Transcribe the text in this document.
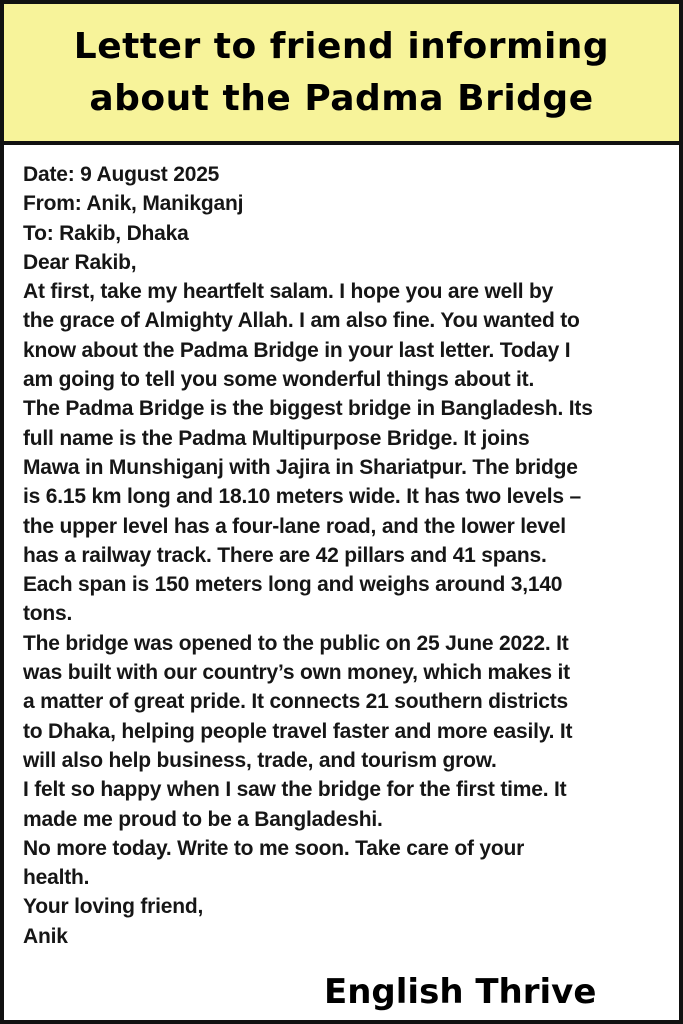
Letter to friend informing
about the Padma Bridge
Date: 9 August 2025
From: Anik, Manikganj
To: Rakib, Dhaka
Dear Rakib,
At first, take my heartfelt salam. I hope you are well by
the grace of Almighty Allah. I am also fine. You wanted to
know about the Padma Bridge in your last letter. Today I
am going to tell you some wonderful things about it.
The Padma Bridge is the biggest bridge in Bangladesh. Its
full name is the Padma Multipurpose Bridge. It joins
Mawa in Munshiganj with Jajira in Shariatpur. The bridge
is 6.15 km long and 18.10 meters wide. It has two levels –
the upper level has a four-lane road, and the lower level
has a railway track. There are 42 pillars and 41 spans.
Each span is 150 meters long and weighs around 3,140
tons.
The bridge was opened to the public on 25 June 2022. It
was built with our country’s own money, which makes it
a matter of great pride. It connects 21 southern districts
to Dhaka, helping people travel faster and more easily. It
will also help business, trade, and tourism grow.
I felt so happy when I saw the bridge for the first time. It
made me proud to be a Bangladeshi.
No more today. Write to me soon. Take care of your
health.
Your loving friend,
Anik
English Thrive
